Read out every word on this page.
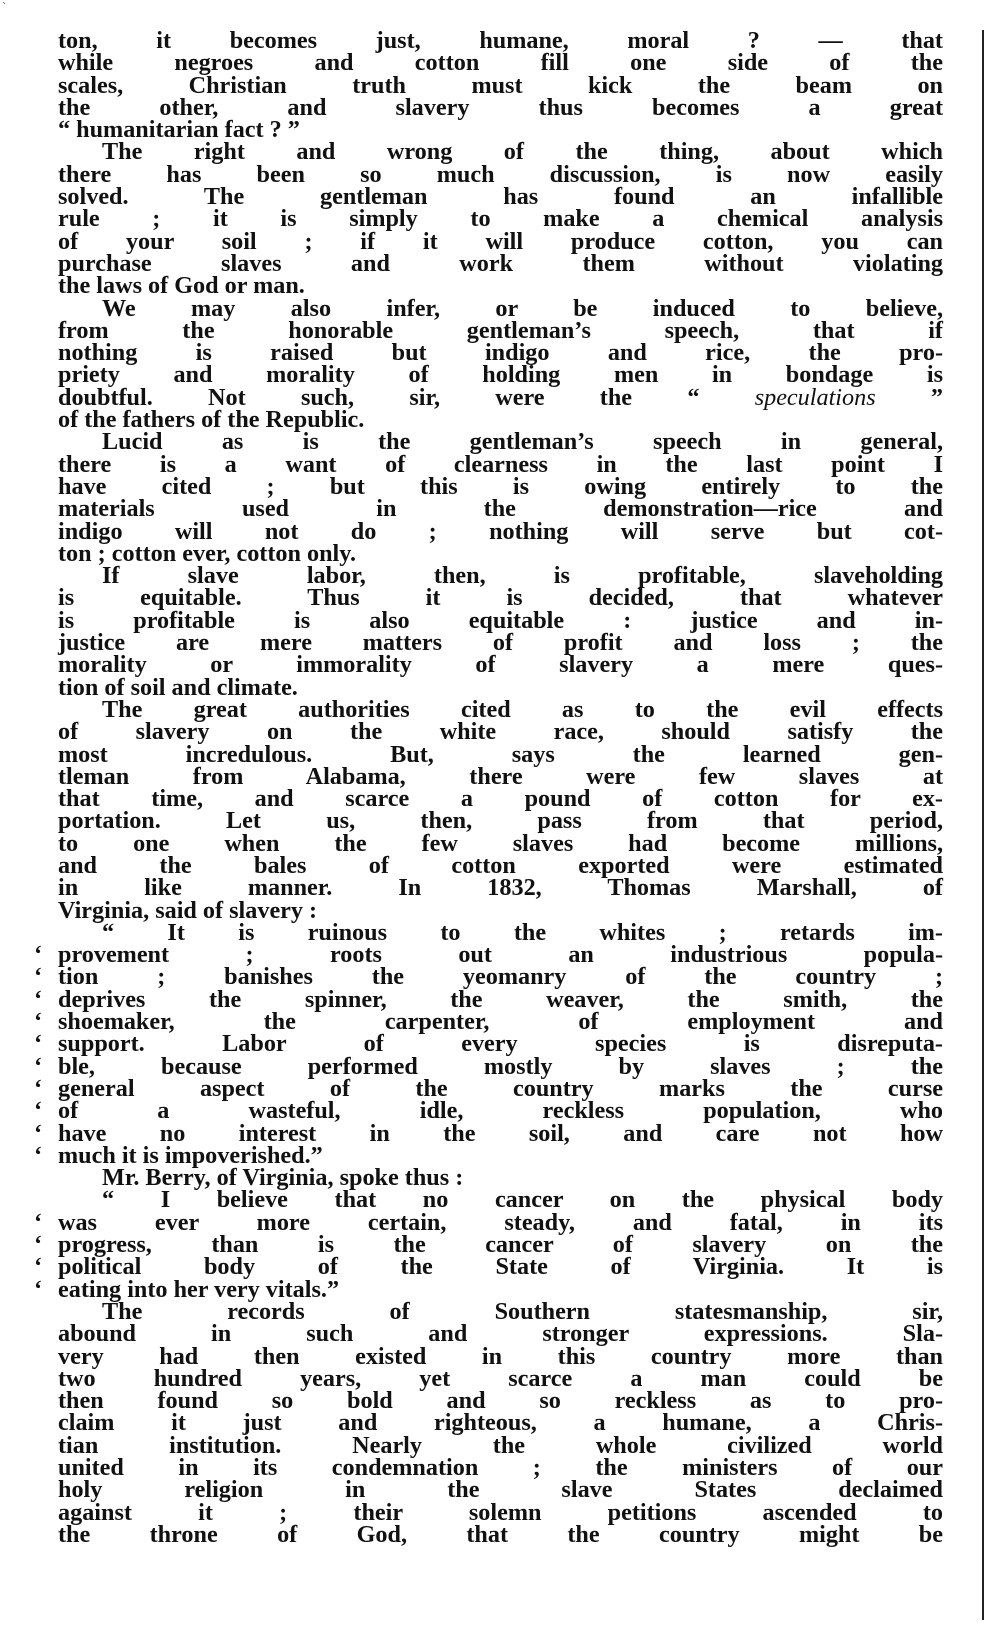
`
ton, it becomes just, humane, moral ? — that
while negroes and cotton fill one side of the
scales, Christian truth must kick the beam on
the other, and slavery thus becomes a great
“ humanitarian fact ? ”
The right and wrong of the thing, about which
there has been so much discussion, is now easily
solved. The gentleman has found an infallible
rule ; it is simply to make a chemical analysis
of your soil ; if it will produce cotton, you can
purchase slaves and work them without violating
the laws of God or man.
We may also infer, or be induced to believe,
from the honorable gentleman’s speech, that if
nothing is raised but indigo and rice, the pro-
priety and morality of holding men in bondage is
doubtful. Not such, sir, were the “ speculations ”
of the fathers of the Republic.
Lucid as is the gentleman’s speech in general,
there is a want of clearness in the last point I
have cited ; but this is owing entirely to the
materials used in the demonstration—rice and
indigo will not do ; nothing will serve but cot-
ton ; cotton ever, cotton only.
If slave labor, then, is profitable, slaveholding
is equitable. Thus it is decided, that whatever
is profitable is also equitable : justice and in-
justice are mere matters of profit and loss ; the
morality or immorality of slavery a mere ques-
tion of soil and climate.
The great authorities cited as to the evil effects
of slavery on the white race, should satisfy the
most incredulous. But, says the learned gen-
tleman from Alabama, there were few slaves at
that time, and scarce a pound of cotton for ex-
portation. Let us, then, pass from that period,
to one when the few slaves had become millions,
and the bales of cotton exported were estimated
in like manner. In 1832, Thomas Marshall, of
Virginia, said of slavery :
“ It is ruinous to the whites ; retards im-
‘ provement ; roots out an industrious popula-
‘ tion ; banishes the yeomanry of the country ;
‘ deprives the spinner, the weaver, the smith, the
‘ shoemaker, the carpenter, of employment and
‘ support. Labor of every species is disreputa-
‘ ble, because performed mostly by slaves ; the
‘ general aspect of the country marks the curse
‘ of a wasteful, idle, reckless population, who
‘ have no interest in the soil, and care not how
‘ much it is impoverished.”
Mr. Berry, of Virginia, spoke thus :
“ I believe that no cancer on the physical body
‘ was ever more certain, steady, and fatal, in its
‘ progress, than is the cancer of slavery on the
‘ political body of the State of Virginia. It is
‘ eating into her very vitals.”
The records of Southern statesmanship, sir,
abound in such and stronger expressions. Sla-
very had then existed in this country more than
two hundred years, yet scarce a man could be
then found so bold and so reckless as to pro-
claim it just and righteous, a humane, a Chris-
tian institution. Nearly the whole civilized world
united in its condemnation ; the ministers of our
holy religion in the slave States declaimed
against it ; their solemn petitions ascended to
the throne of God, that the country might be
